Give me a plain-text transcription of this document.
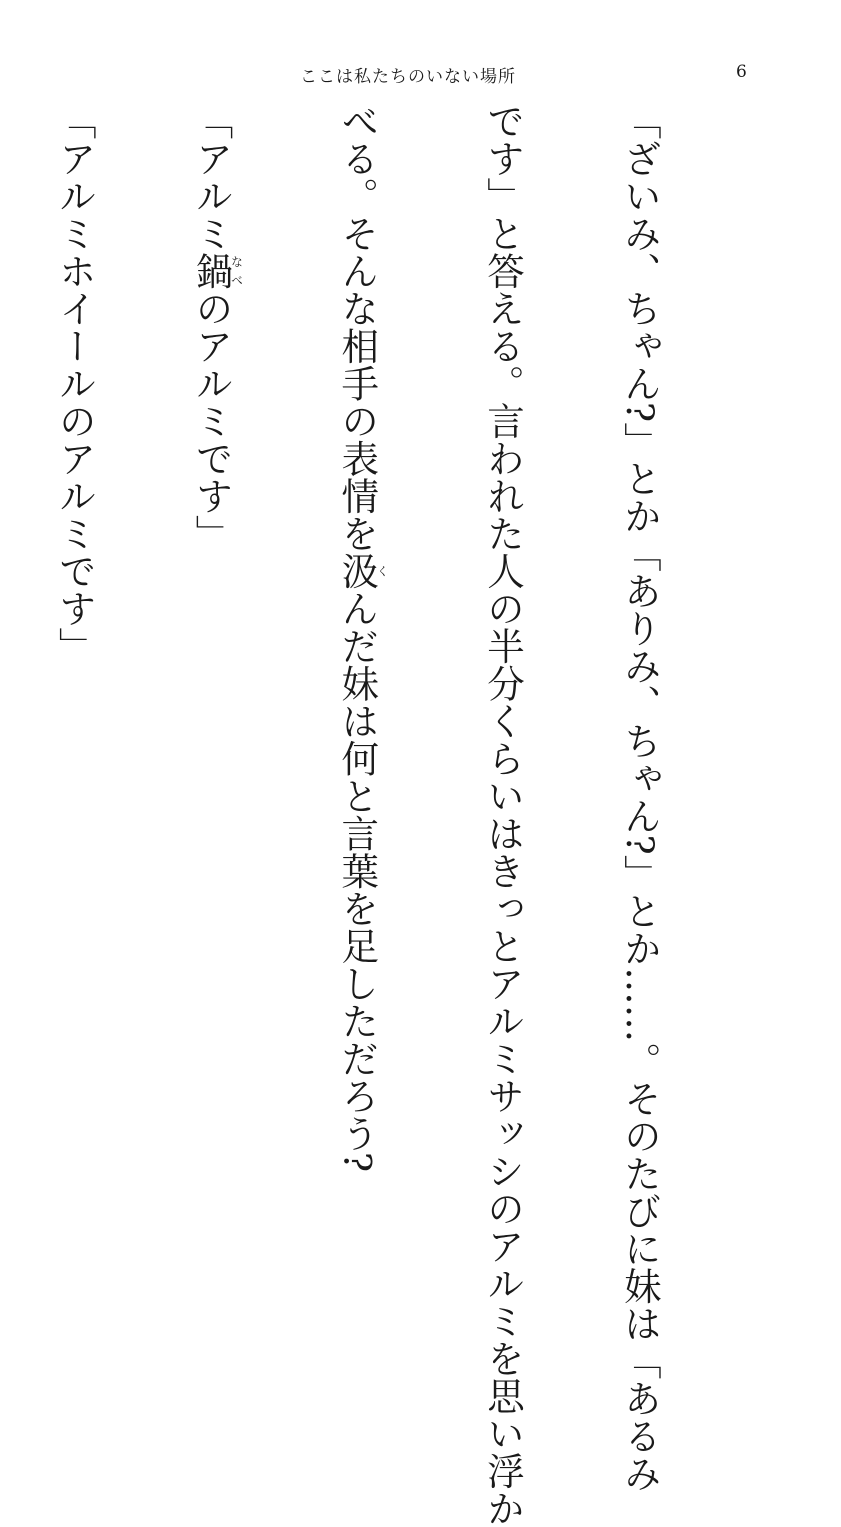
ここは私たちのいない場所	6

「ざいみ、ちゃん?」とか「ありみ、ちゃん?」とか……。そのたびに妹は「あるみ

です」と答える。言われた人の半分くらいはきっとアルミサッシのアルミを思い浮か

べる。そんな相手の表情を汲くんだ妹は何と言葉を足しただろう?

「アルミ鍋なべのアルミです」

「アルミホイールのアルミです」
